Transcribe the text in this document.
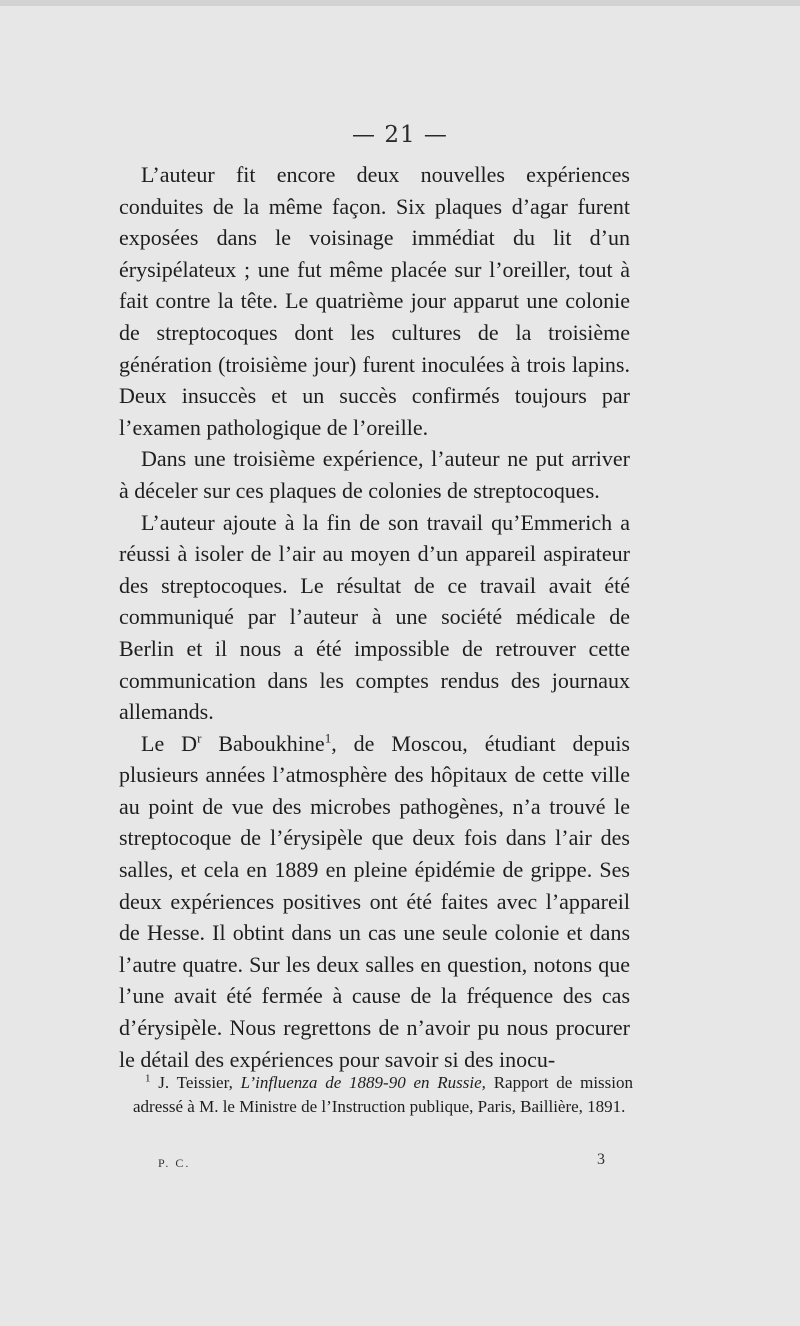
— 21 —

L’auteur fit encore deux nouvelles expériences conduites de la même façon. Six plaques d’agar furent exposées dans le voisinage immédiat du lit d’un érysipélateux ; une fut même placée sur l’oreiller, tout à fait contre la tête. Le quatrième jour apparut une colonie de streptocoques dont les cultures de la troisième génération (troisième jour) furent inoculées à trois lapins. Deux insuccès et un succès confirmés toujours par l’examen pathologique de l’oreille.

Dans une troisième expérience, l’auteur ne put arriver à déceler sur ces plaques de colonies de streptocoques.

L’auteur ajoute à la fin de son travail qu’Emmerich a réussi à isoler de l’air au moyen d’un appareil aspirateur des streptocoques. Le résultat de ce travail avait été communiqué par l’auteur à une société médicale de Berlin et il nous a été impossible de retrouver cette communication dans les comptes rendus des journaux allemands.

Le D$^r$ Baboukhine$^1$, de Moscou, étudiant depuis plusieurs années l’atmosphère des hôpitaux de cette ville au point de vue des microbes pathogènes, n’a trouvé le streptocoque de l’érysipèle que deux fois dans l’air des salles, et cela en 1889 en pleine épidémie de grippe. Ses deux expériences positives ont été faites avec l’appareil de Hesse. Il obtint dans un cas une seule colonie et dans l’autre quatre. Sur les deux salles en question, notons que l’une avait été fermée à cause de la fréquence des cas d’érysipèle. Nous regrettons de n’avoir pu nous procurer le détail des expériences pour savoir si des inocu-

$^1$ J. Teissier, L’influenza de 1889-90 en Russie, Rapport de mission adressé à M. le Ministre de l’Instruction publique, Paris, Baillière, 1891.

P. C.	3
